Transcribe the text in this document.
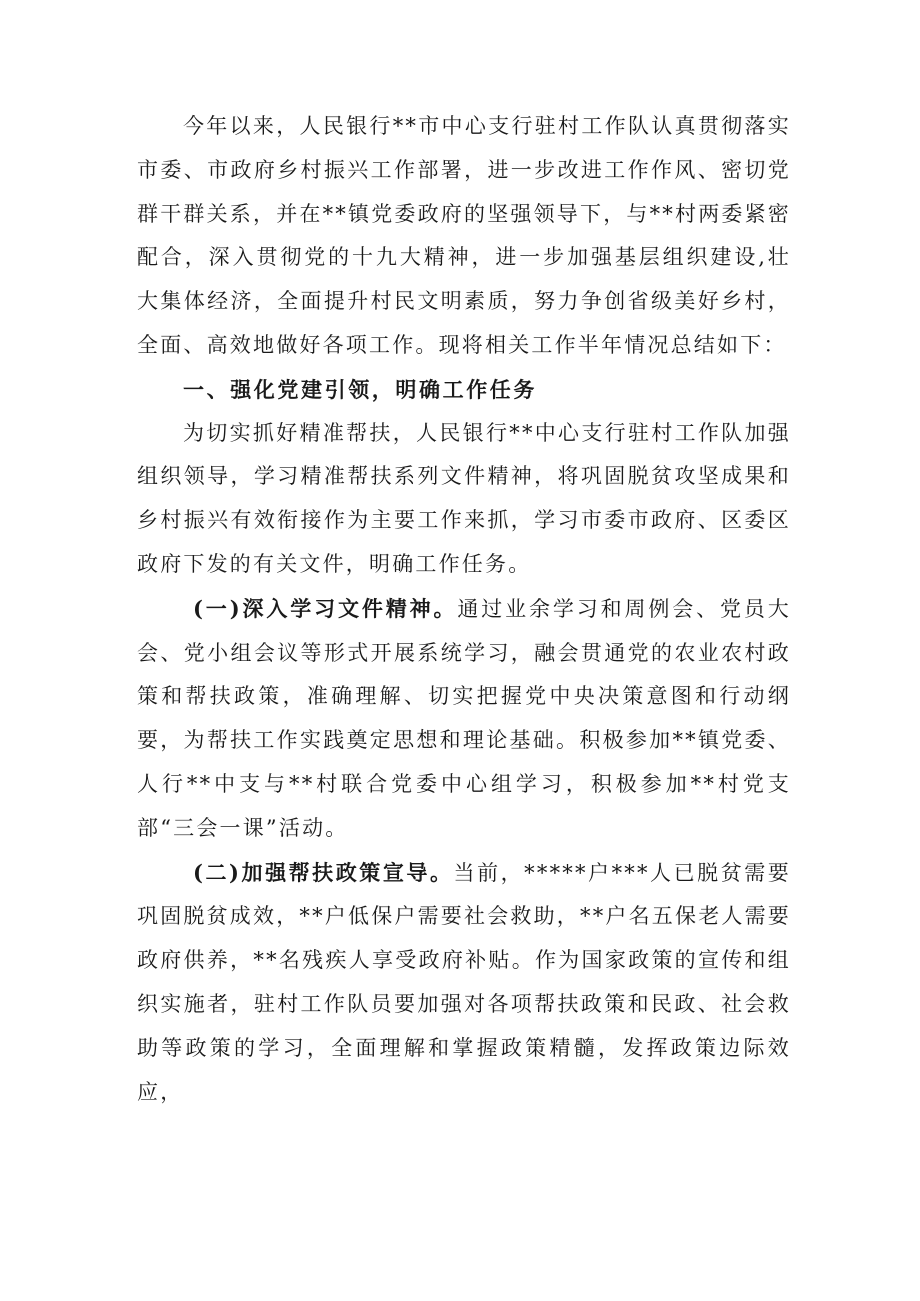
今年以来，人民银行**市中心支行驻村工作队认真贯彻落实市委、市政府乡村振兴工作部署，进一步改进工作作风、密切党群干群关系，并在**镇党委政府的坚强领导下，与**村两委紧密配合，深入贯彻党的十九大精神，进一步加强基层组织建设,壮大集体经济，全面提升村民文明素质，努力争创省级美好乡村，全面、高效地做好各项工作。现将相关工作半年情况总结如下：

一、强化党建引领，明确工作任务

为切实抓好精准帮扶，人民银行**中心支行驻村工作队加强组织领导，学习精准帮扶系列文件精神，将巩固脱贫攻坚成果和乡村振兴有效衔接作为主要工作来抓，学习市委市政府、区委区政府下发的有关文件，明确工作任务。

(一)深入学习文件精神。通过业余学习和周例会、党员大会、党小组会议等形式开展系统学习，融会贯通党的农业农村政策和帮扶政策，准确理解、切实把握党中央决策意图和行动纲要，为帮扶工作实践奠定思想和理论基础。积极参加**镇党委、人行**中支与**村联合党委中心组学习，积极参加**村党支部“三会一课”活动。

(二)加强帮扶政策宣导。当前，*****户***人已脱贫需要巩固脱贫成效，**户低保户需要社会救助，**户名五保老人需要政府供养，**名残疾人享受政府补贴。作为国家政策的宣传和组织实施者，驻村工作队员要加强对各项帮扶政策和民政、社会救助等政策的学习，全面理解和掌握政策精髓，发挥政策边际效应，
